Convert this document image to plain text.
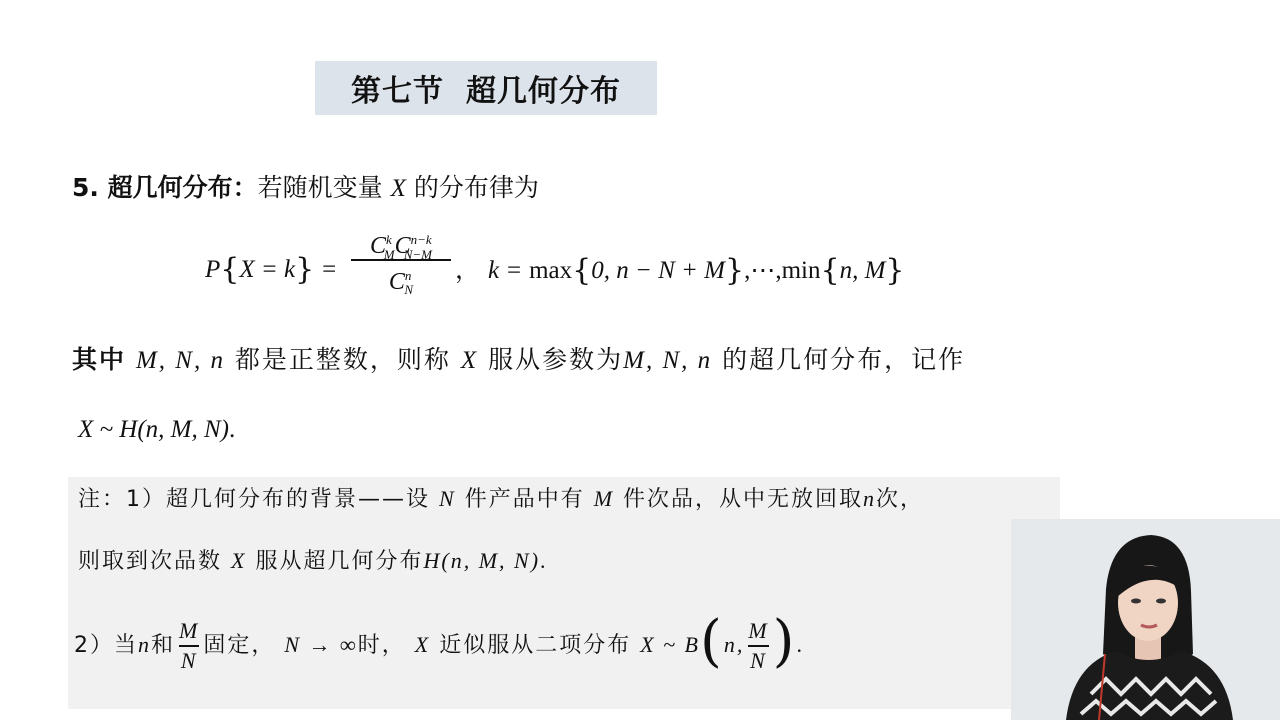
第七节 超几何分布
5. 超几何分布：若随机变量 X 的分布律为
P{X = k} =
$C^k_MC^{n-k}_{N-M}$
$C^n_N$
， k = max{0, n − N + M},⋯,min{n, M}
其中 M, N, n 都是正整数，则称 X 服从参数为M, N, n 的超几何分布，记作
X ~ H(n, M, N).
注：1）超几何分布的背景——设 N 件产品中有 M 件次品，从中无放回取n次，
则取到次品数 X 服从超几何分布H(n, M, N).
2）当n和 $\frac{M}{N}$ 固定， N → ∞时， X 近似服从二项分布 X ~ B(n, $\frac{M}{N}$ ).
